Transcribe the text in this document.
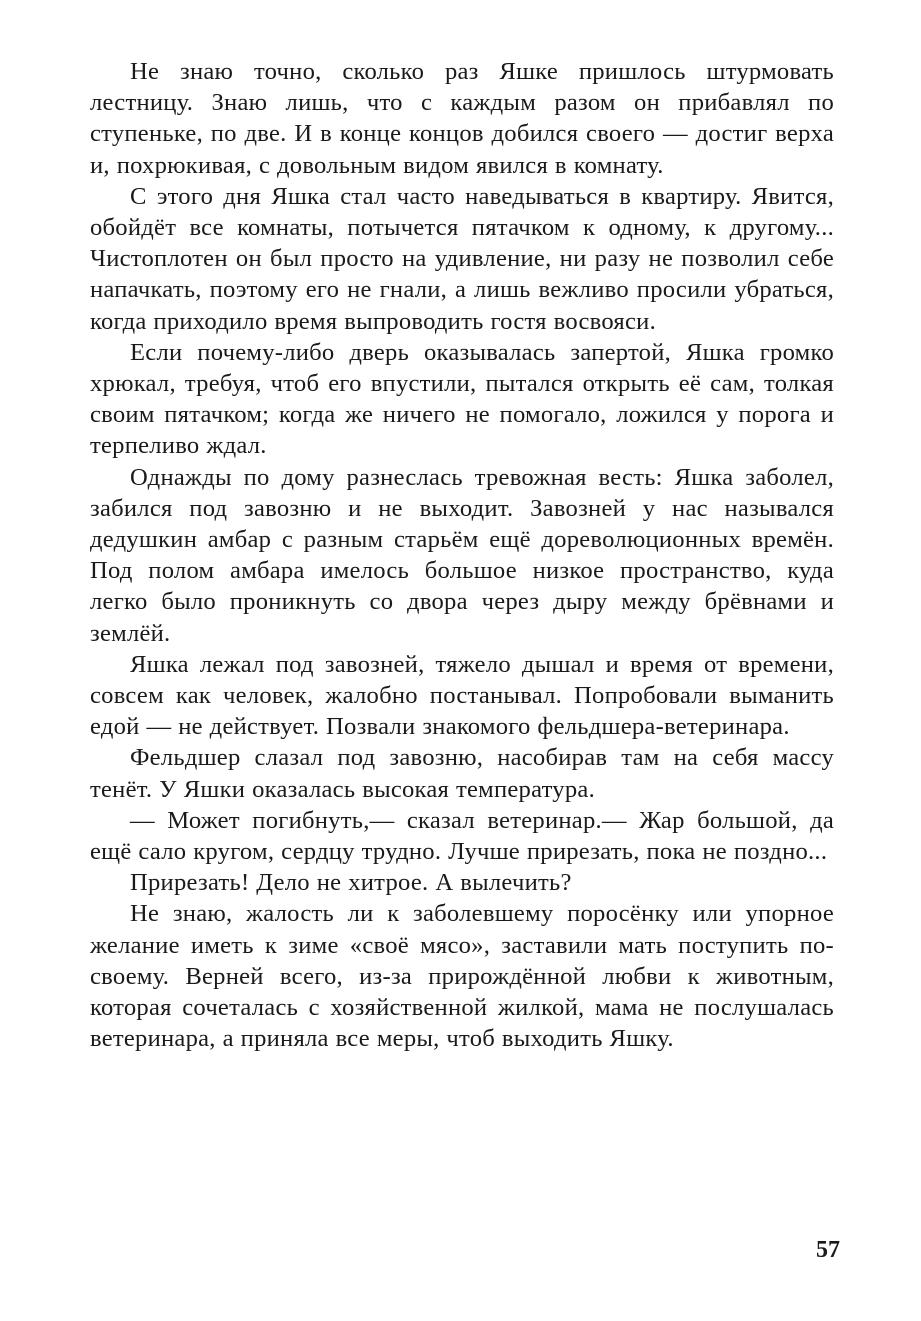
Не знаю точно, сколько раз Яшке пришлось штурмовать лестницу. Знаю лишь, что с каждым разом он прибавлял по ступеньке, по две. И в конце концов добился своего — достиг верха и, похрюкивая, с довольным видом явился в комнату.

С этого дня Яшка стал часто наведываться в квартиру. Явится, обойдёт все комнаты, потычется пятачком к одному, к другому... Чистоплотен он был просто на удивление, ни разу не позволил себе напачкать, поэтому его не гнали, а лишь вежливо просили убраться, когда приходило время выпроводить гостя восвояси.

Если почему-либо дверь оказывалась запертой, Яшка громко хрюкал, требуя, чтоб его впустили, пытался открыть её сам, толкая своим пятачком; когда же ничего не помогало, ложился у порога и терпеливо ждал.

Однажды по дому разнеслась тревожная весть: Яшка заболел, забился под завозню и не выходит. Завозней у нас назывался дедушкин амбар с разным старьём ещё дореволюционных времён. Под полом амбара имелось большое низкое пространство, куда легко было проникнуть со двора через дыру между брёвнами и землёй.

Яшка лежал под завозней, тяжело дышал и время от времени, совсем как человек, жалобно постанывал. Попробовали выманить едой — не действует. Позвали знакомого фельдшера-ветеринара.

Фельдшер слазал под завозню, насобирав там на себя массу тенёт. У Яшки оказалась высокая температура.

— Может погибнуть,— сказал ветеринар.— Жар большой, да ещё сало кругом, сердцу трудно. Лучше прирезать, пока не поздно...

Прирезать! Дело не хитрое. А вылечить?

Не знаю, жалость ли к заболевшему поросёнку или упорное желание иметь к зиме «своё мясо», заставили мать поступить по-своему. Верней всего, из-за прирождённой любви к животным, которая сочеталась с хозяйственной жилкой, мама не послушалась ветеринара, а приняла все меры, чтоб выходить Яшку.

57
